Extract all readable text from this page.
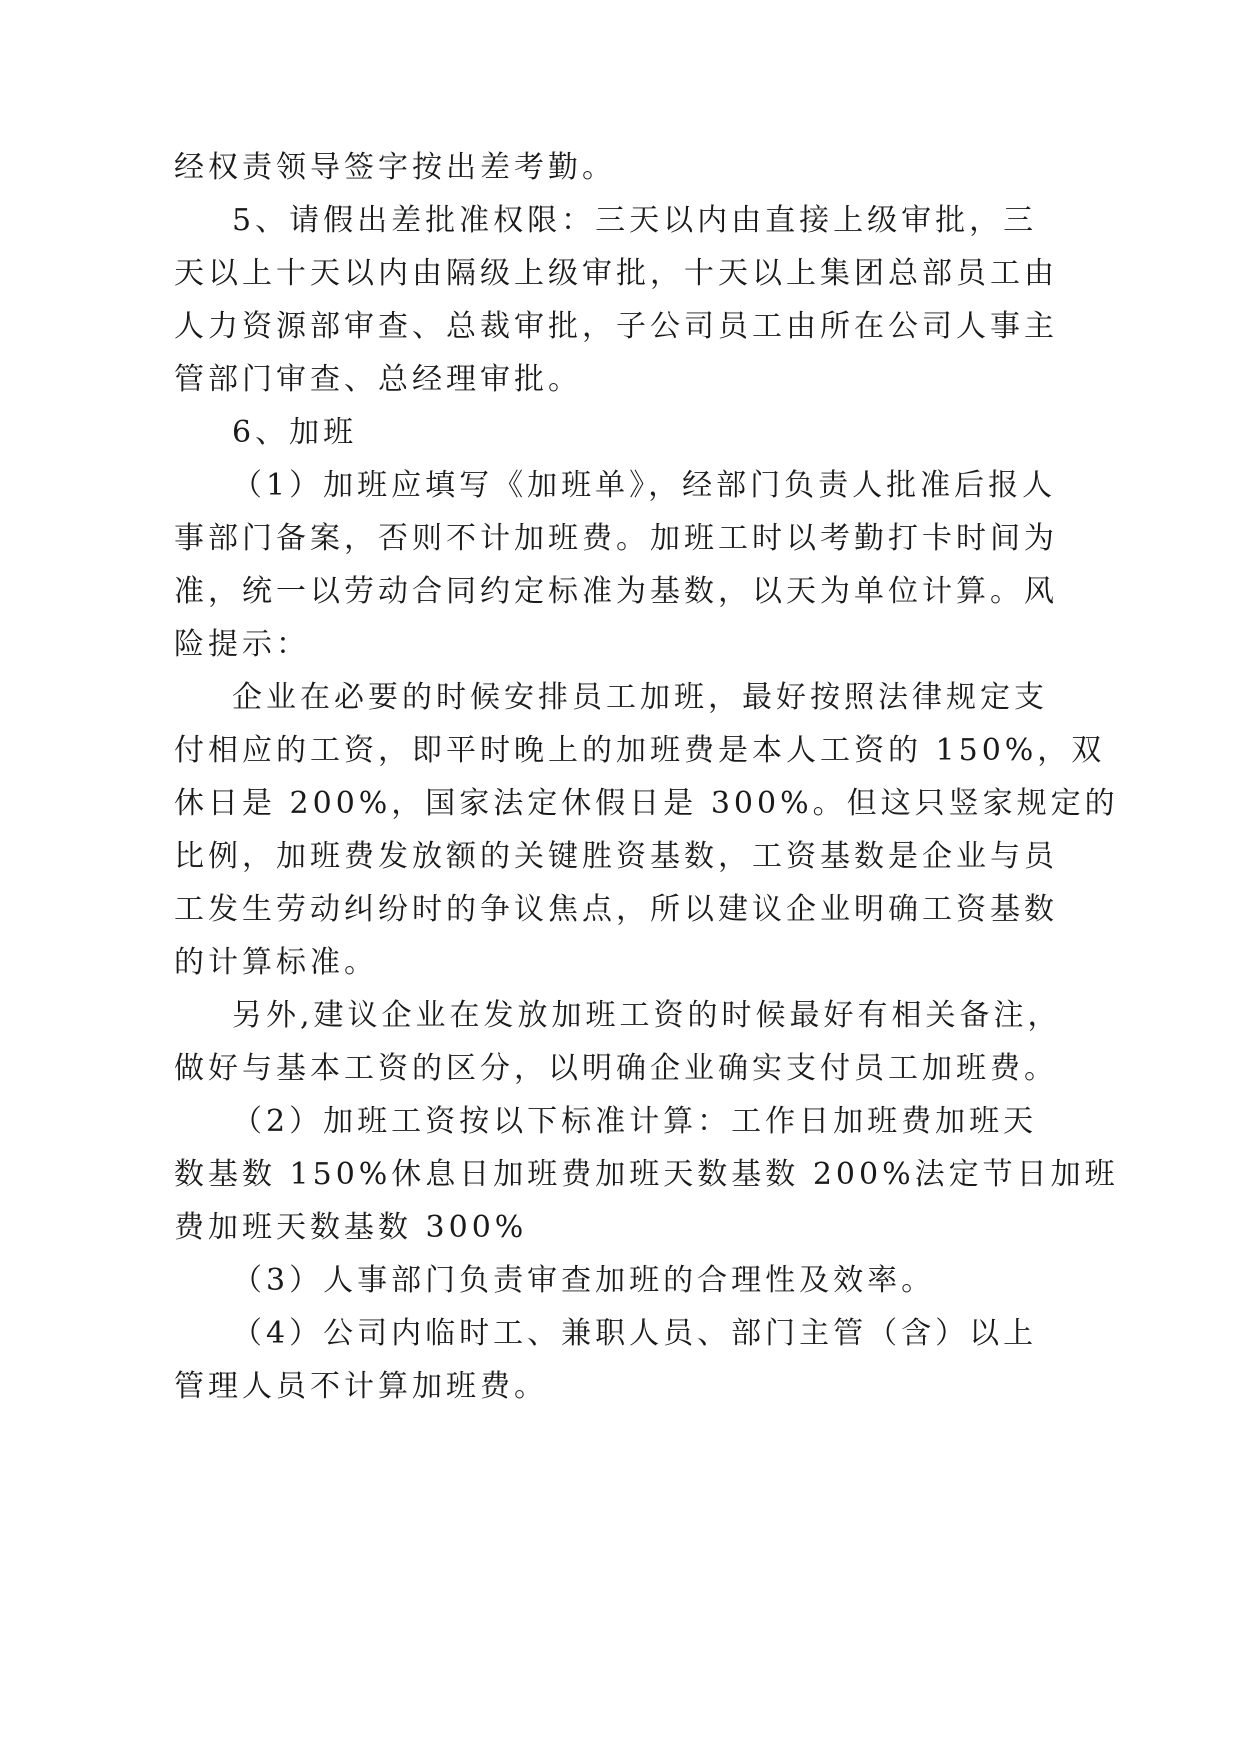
经权责领导签字按出差考勤。
5、请假出差批准权限：三天以内由直接上级审批，三
天以上十天以内由隔级上级审批，十天以上集团总部员工由
人力资源部审查、总裁审批，子公司员工由所在公司人事主
管部门审查、总经理审批。
6、加班
（1）加班应填写《加班单》，经部门负责人批准后报人
事部门备案，否则不计加班费。加班工时以考勤打卡时间为
准，统一以劳动合同约定标准为基数，以天为单位计算。风
险提示：
企业在必要的时候安排员工加班，最好按照法律规定支
付相应的工资，即平时晚上的加班费是本人工资的 150%，双
休日是 200%，国家法定休假日是 300%。但这只竖家规定的
比例，加班费发放额的关键胜资基数，工资基数是企业与员
工发生劳动纠纷时的争议焦点，所以建议企业明确工资基数
的计算标准。
另外,建议企业在发放加班工资的时候最好有相关备注，
做好与基本工资的区分，以明确企业确实支付员工加班费。
（2）加班工资按以下标准计算：工作日加班费加班天
数基数 150%休息日加班费加班天数基数 200%法定节日加班
费加班天数基数 300%
（3）人事部门负责审查加班的合理性及效率。
（4）公司内临时工、兼职人员、部门主管（含）以上
管理人员不计算加班费。
